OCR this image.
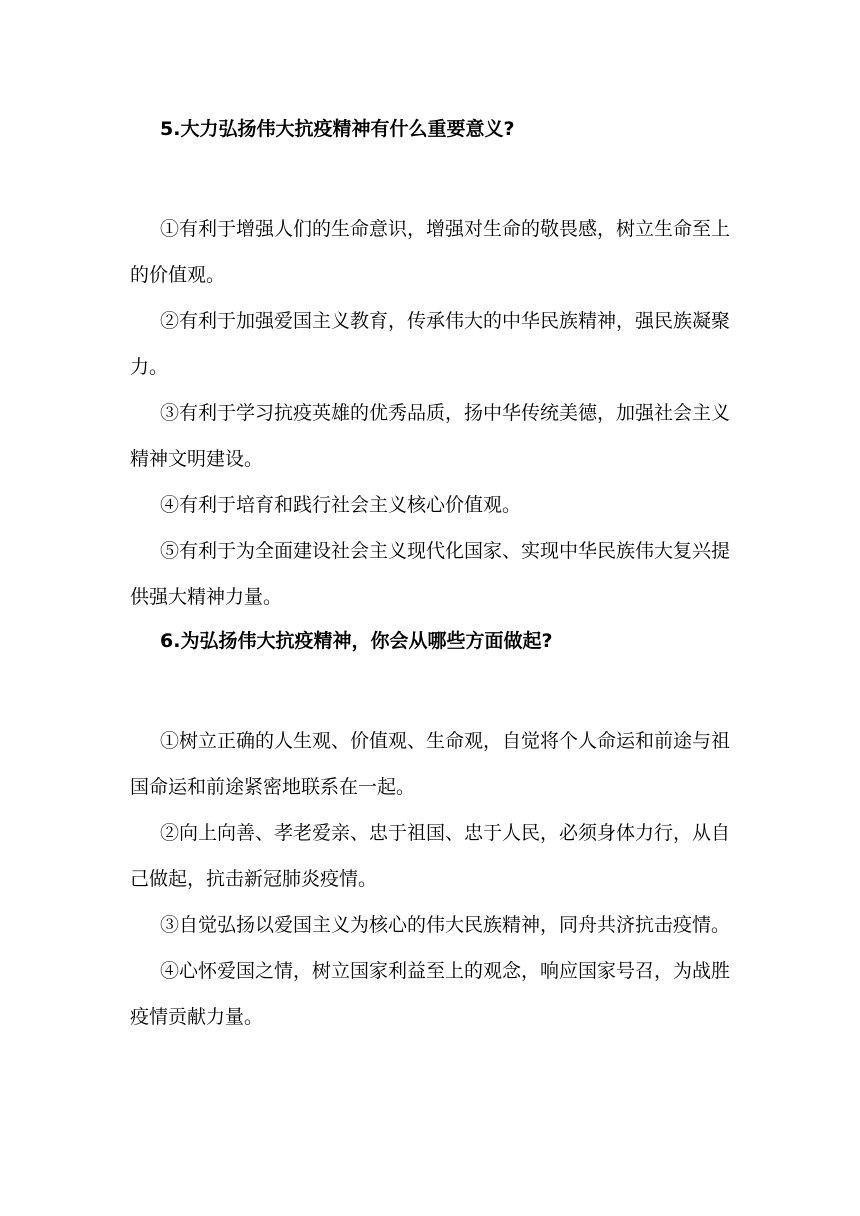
5.大力弘扬伟大抗疫精神有什么重要意义?

①有利于增强人们的生命意识，增强对生命的敬畏感，树立生命至上的价值观。

②有利于加强爱国主义教育，传承伟大的中华民族精神，强民族凝聚力。

③有利于学习抗疫英雄的优秀品质，扬中华传统美德，加强社会主义精神文明建设。

④有利于培育和践行社会主义核心价值观。

⑤有利于为全面建设社会主义现代化国家、实现中华民族伟大复兴提供强大精神力量。

6.为弘扬伟大抗疫精神，你会从哪些方面做起?

①树立正确的人生观、价值观、生命观，自觉将个人命运和前途与祖国命运和前途紧密地联系在一起。

②向上向善、孝老爱亲、忠于祖国、忠于人民，必须身体力行，从自己做起，抗击新冠肺炎疫情。

③自觉弘扬以爱国主义为核心的伟大民族精神，同舟共济抗击疫情。

④心怀爱国之情，树立国家利益至上的观念，响应国家号召，为战胜疫情贡献力量。
